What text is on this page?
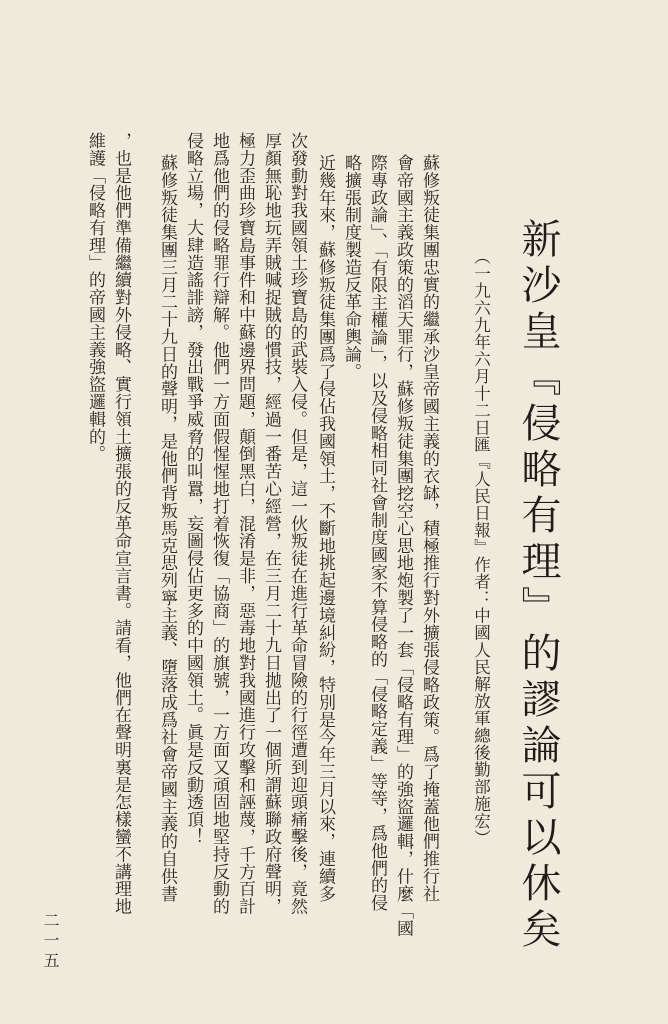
新沙皇『侵略有理』的謬論可以休矣
（一九六九年六月十二日匯『人民日報』作者：中國人民解放軍總後勤部施宏）
蘇修叛徒集團忠實的繼承沙皇帝國主義的衣缽，積極推行對外擴張侵略政策。爲了掩蓋他們推行社
會帝國主義政策的滔天罪行，蘇修叛徒集團挖空心思地炮製了一套「侵略有理」的強盜邏輯，什麼「國
際專政論」、「有限主權論」，以及侵略相同社會制度國家不算侵略的「侵略定義」等等，爲他們的侵
略擴張制度製造反革命輿論。
近幾年來，蘇修叛徒集團爲了侵佔我國領土，不斷地挑起邊境糾紛，特別是今年三月以來，連續多
次發動對我國領土珍寶島的武裝入侵。但是，這一伙叛徒在進行革命冒險的行徑遭到迎頭痛擊後，竟然
厚顏無恥地玩弄賊喊捉賊的慣技，經過一番苦心經營，在三月二十九日拋出了一個所謂蘇聯政府聲明，
極力歪曲珍寶島事件和中蘇邊界問題，顛倒黑白，混淆是非，惡毒地對我國進行攻擊和誣蔑，千方百計
地爲他們的侵略罪行辯解。他們一方面假惺惺地打着恢復「協商」的旗號，一方面又頑固地堅持反動的
侵略立場，大肆造謠誹謗，發出戰爭威脅的叫囂，妄圖侵佔更多的中國領土。眞是反動透頂！
蘇修叛徒集團三月二十九日的聲明，是他們背叛馬克思列寧主義、墮落成爲社會帝國主義的自供書
，也是他們準備繼續對外侵略、實行領土擴張的反革命宣言書。請看，他們在聲明裏是怎樣蠻不講理地
維護「侵略有理」的帝國主義強盜邏輯的。
二一五
